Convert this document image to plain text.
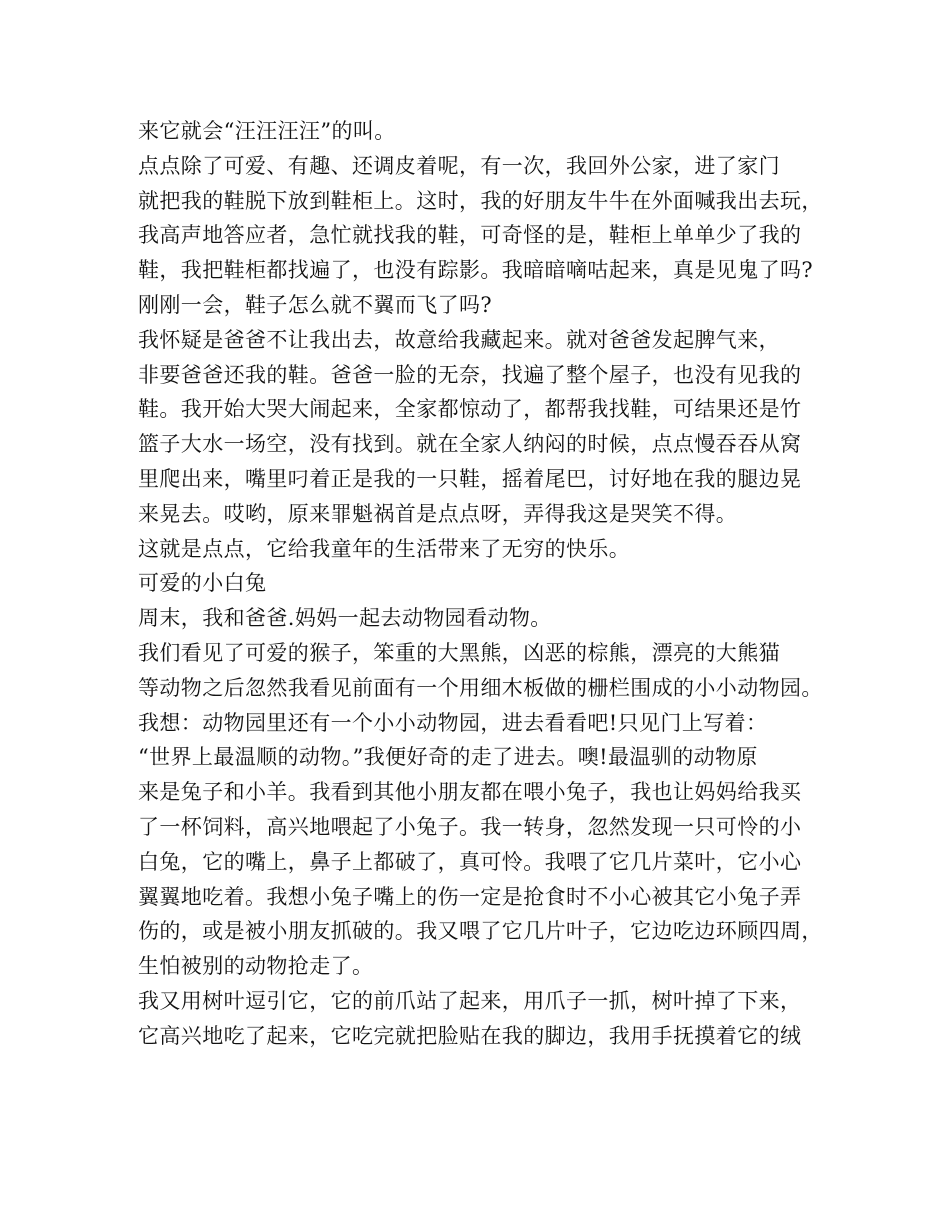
来它就会“汪汪汪汪”的叫。
点点除了可爱、有趣、还调皮着呢，有一次，我回外公家，进了家门
就把我的鞋脱下放到鞋柜上。这时，我的好朋友牛牛在外面喊我出去玩，
我高声地答应者，急忙就找我的鞋，可奇怪的是，鞋柜上单单少了我的
鞋，我把鞋柜都找遍了，也没有踪影。我暗暗嘀咕起来，真是见鬼了吗?
刚刚一会，鞋子怎么就不翼而飞了吗?
我怀疑是爸爸不让我出去，故意给我藏起来。就对爸爸发起脾气来，
非要爸爸还我的鞋。爸爸一脸的无奈，找遍了整个屋子，也没有见我的
鞋。我开始大哭大闹起来，全家都惊动了，都帮我找鞋，可结果还是竹
篮子大水一场空，没有找到。就在全家人纳闷的时候，点点慢吞吞从窝
里爬出来，嘴里叼着正是我的一只鞋，摇着尾巴，讨好地在我的腿边晃
来晃去。哎哟，原来罪魁祸首是点点呀，弄得我这是哭笑不得。
这就是点点，它给我童年的生活带来了无穷的快乐。
可爱的小白兔
周末，我和爸爸.妈妈一起去动物园看动物。
我们看见了可爱的猴子，笨重的大黑熊，凶恶的棕熊，漂亮的大熊猫
等动物之后忽然我看见前面有一个用细木板做的栅栏围成的小小动物园。
我想：动物园里还有一个小小动物园，进去看看吧!只见门上写着：
“世界上最温顺的动物。”我便好奇的走了进去。噢!最温驯的动物原
来是兔子和小羊。我看到其他小朋友都在喂小兔子，我也让妈妈给我买
了一杯饲料，高兴地喂起了小兔子。我一转身，忽然发现一只可怜的小
白兔，它的嘴上，鼻子上都破了，真可怜。我喂了它几片菜叶，它小心
翼翼地吃着。我想小兔子嘴上的伤一定是抢食时不小心被其它小兔子弄
伤的，或是被小朋友抓破的。我又喂了它几片叶子，它边吃边环顾四周，
生怕被别的动物抢走了。
我又用树叶逗引它，它的前爪站了起来，用爪子一抓，树叶掉了下来，
它高兴地吃了起来，它吃完就把脸贴在我的脚边，我用手抚摸着它的绒
